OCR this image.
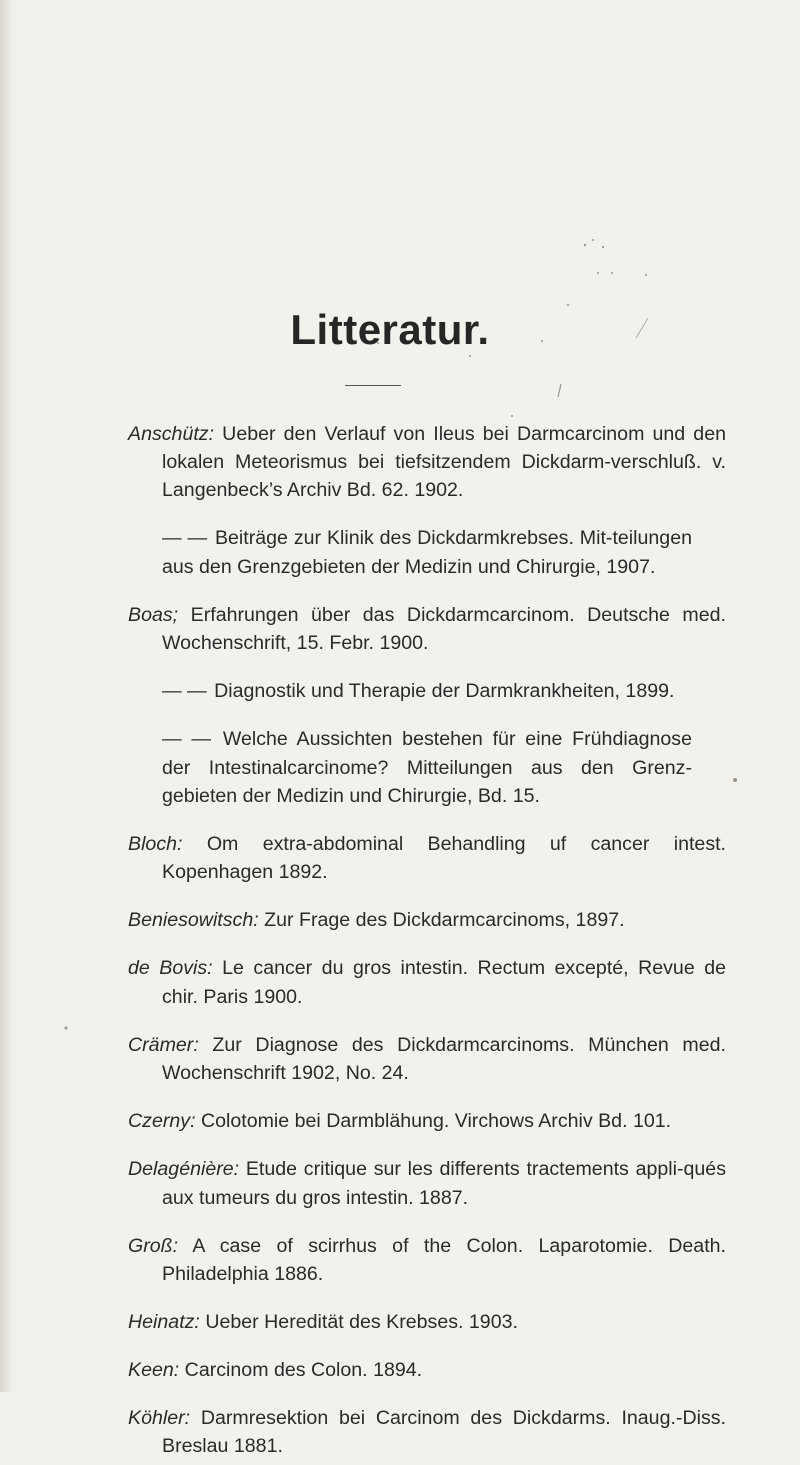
Litteratur.

Anschütz: Ueber den Verlauf von Ileus bei Darmcarcinom und den lokalen Meteorismus bei tiefsitzendem Dickdarm-verschluß. v. Langenbeck’s Archiv Bd. 62. 1902.

— — Beiträge zur Klinik des Dickdarmkrebses. Mit-teilungen aus den Grenzgebieten der Medizin und Chirurgie, 1907.

Boas; Erfahrungen über das Dickdarmcarcinom. Deutsche med. Wochenschrift, 15. Febr. 1900.

— — Diagnostik und Therapie der Darmkrankheiten, 1899.

— — Welche Aussichten bestehen für eine Frühdiagnose der Intestinalcarcinome? Mitteilungen aus den Grenz-gebieten der Medizin und Chirurgie, Bd. 15.

Bloch: Om extra-abdominal Behandling uf cancer intest. Kopenhagen 1892.

Beniesowitsch: Zur Frage des Dickdarmcarcinoms, 1897.

de Bovis: Le cancer du gros intestin. Rectum excepté, Revue de chir. Paris 1900.

Crämer: Zur Diagnose des Dickdarmcarcinoms. München med. Wochenschrift 1902, No. 24.

Czerny: Colotomie bei Darmblähung. Virchows Archiv Bd. 101.

Delagénière: Etude critique sur les differents tractements appli-qués aux tumeurs du gros intestin. 1887.

Groß: A case of scirrhus of the Colon. Laparotomie. Death. Philadelphia 1886.

Heinatz: Ueber Heredität des Krebses. 1903.

Keen: Carcinom des Colon. 1894.

Köhler: Darmresektion bei Carcinom des Dickdarms. Inaug.-Diss. Breslau 1881.
